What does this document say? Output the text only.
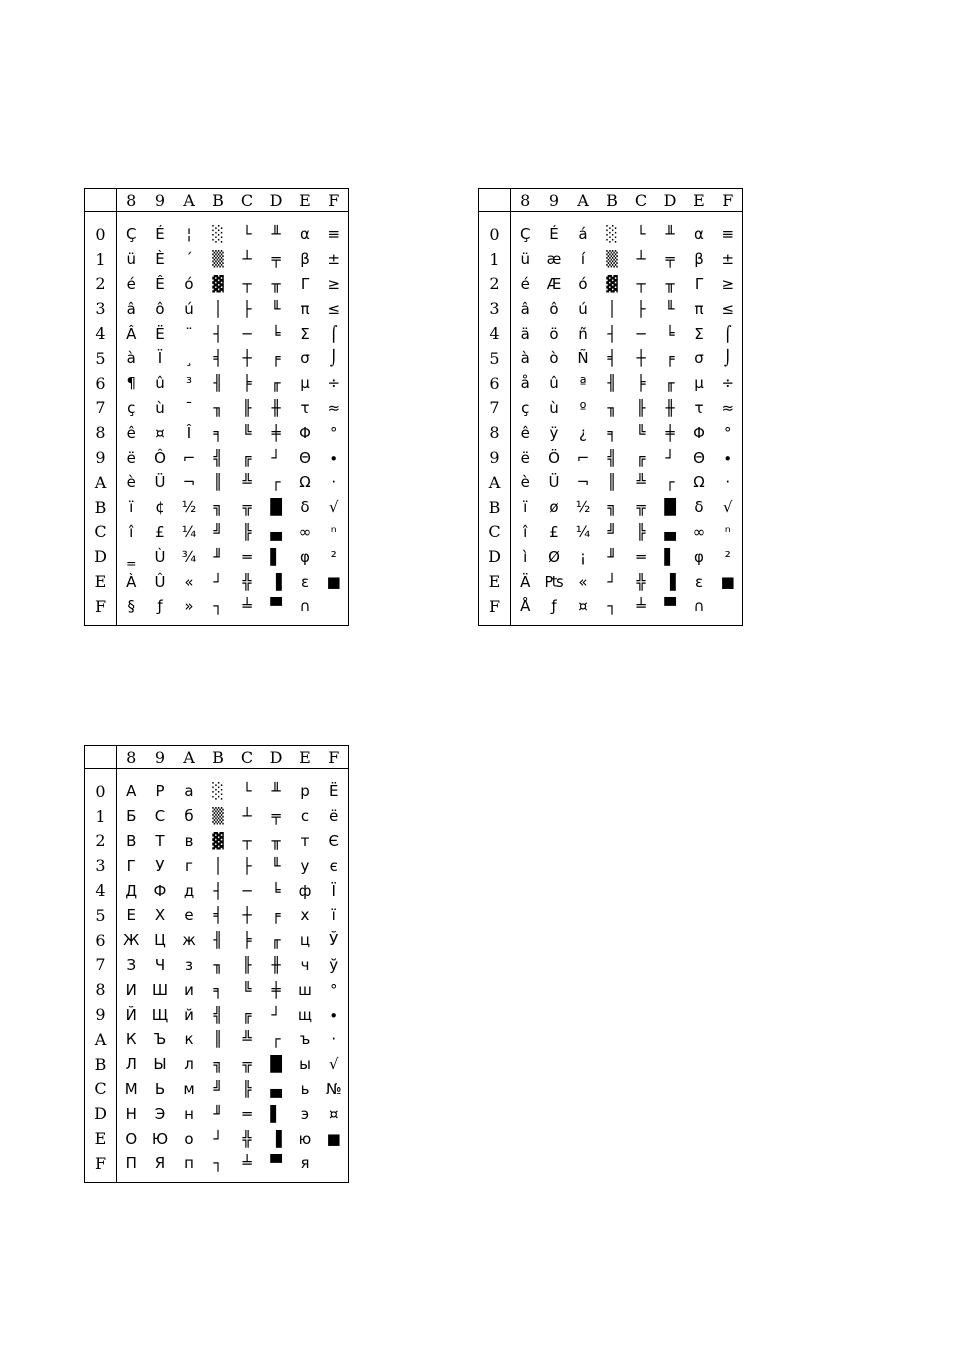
	8	9	A	B	C	D	E	F
0	Ç	É	¦	░	└	╨	α	≡
1	ü	È	´	▒	┴	╤	β	±
2	é	Ê	ó	▓	┬	╥	Γ	≥
3	â	ô	ú	│	├	╙	π	≤
4	Â	Ë	¨	┤	─	╘	Σ	⌠
5	à	Ï	¸	╡	┼	╒	σ	⌡
6	¶	û	³	╢	╞	╓	µ	÷
7	ç	ù	¯	╖	╟	╫	τ	≈
8	ê	¤	Î	╕	╚	╪	Φ	°
9	ë	Ô	⌐	╣	╔	┘	Θ	∙
A	è	Ü	¬	║	╩	┌	Ω	·
B	ï	¢	½	╗	╦	█	δ	√
C	î	£	¼	╝	╠	▄	∞	ⁿ
D	‗	Ù	¾	╜	═	▌	φ	²
E	À	Û	«	┘	╬	▐	ε	■
F	§	ƒ	»	┐	╧	▀	∩	
	8	9	A	B	C	D	E	F
0	Ç	É	á	░	└	╨	α	≡
1	ü	æ	í	▒	┴	╤	β	±
2	é	Æ	ó	▓	┬	╥	Γ	≥
3	â	ô	ú	│	├	╙	π	≤
4	ä	ö	ñ	┤	─	╘	Σ	⌠
5	à	ò	Ñ	╡	┼	╒	σ	⌡
6	å	û	ª	╢	╞	╓	µ	÷
7	ç	ù	º	╖	╟	╫	τ	≈
8	ê	ÿ	¿	╕	╚	╪	Φ	°
9	ë	Ö	⌐	╣	╔	┘	Θ	∙
A	è	Ü	¬	║	╩	┌	Ω	·
B	ï	ø	½	╗	╦	█	δ	√
C	î	£	¼	╝	╠	▄	∞	ⁿ
D	ì	Ø	¡	╜	═	▌	φ	²
E	Ä	₧	«	┘	╬	▐	ε	■
F	Å	ƒ	¤	┐	╧	▀	∩	
	8	9	A	B	C	D	E	F
0	А	Р	а	░	└	╨	р	Ё
1	Б	С	б	▒	┴	╤	с	ё
2	В	Т	в	▓	┬	╥	т	Є
3	Г	У	г	│	├	╙	у	є
4	Д	Ф	д	┤	─	╘	ф	Ї
5	Е	Х	е	╡	┼	╒	х	ї
6	Ж	Ц	ж	╢	╞	╓	ц	Ў
7	З	Ч	з	╖	╟	╫	ч	ў
8	И	Ш	и	╕	╚	╪	ш	°
9	Й	Щ	й	╣	╔	┘	щ	∙
A	К	Ъ	к	║	╩	┌	ъ	·
B	Л	Ы	л	╗	╦	█	ы	√
C	М	Ь	м	╝	╠	▄	ь	№
D	Н	Э	н	╜	═	▌	э	¤
E	О	Ю	о	┘	╬	▐	ю	■
F	П	Я	п	┐	╧	▀	я	
